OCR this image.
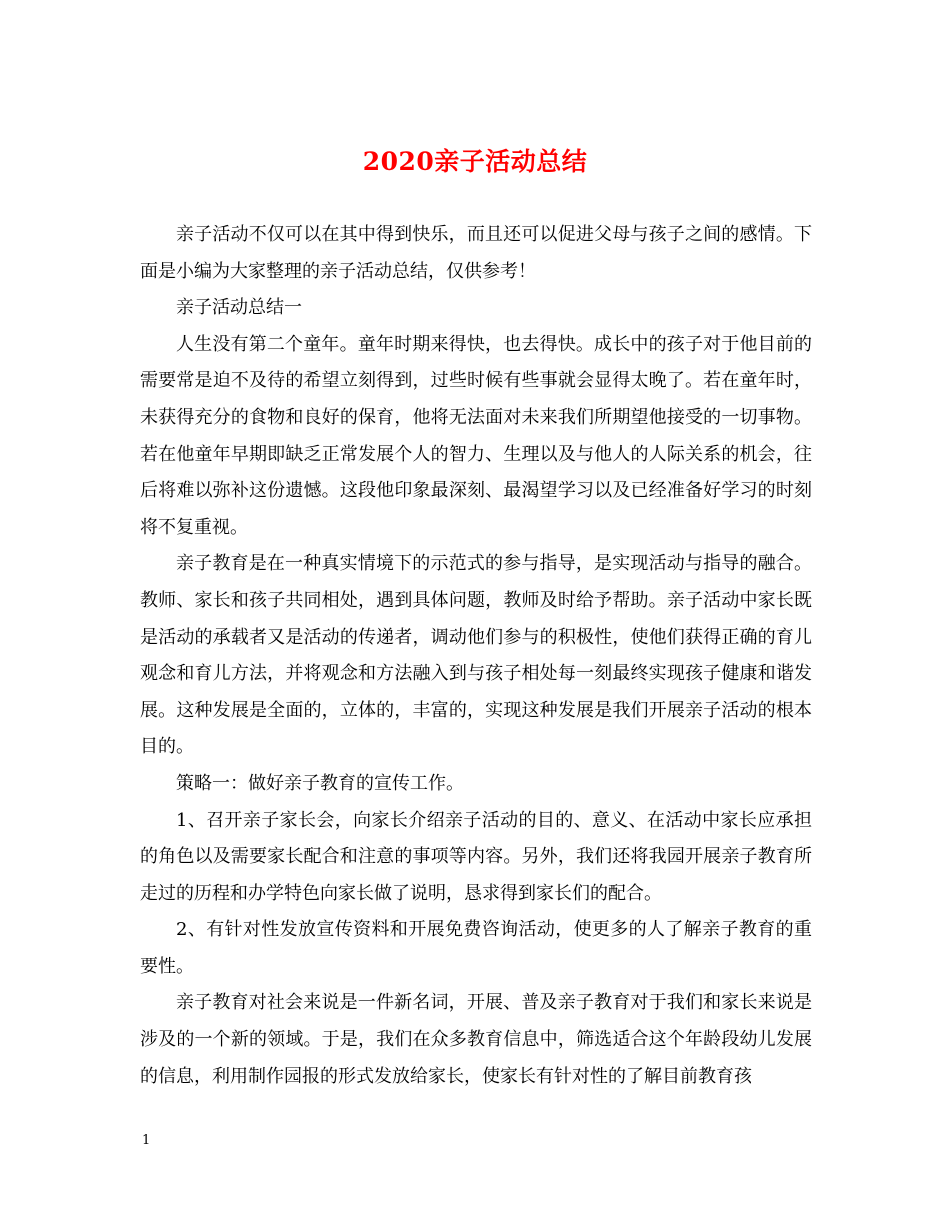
2020亲子活动总结

亲子活动不仅可以在其中得到快乐，而且还可以促进父母与孩子之间的感情。下面是小编为大家整理的亲子活动总结，仅供参考！

亲子活动总结一

人生没有第二个童年。童年时期来得快，也去得快。成长中的孩子对于他目前的需要常是迫不及待的希望立刻得到，过些时候有些事就会显得太晚了。若在童年时，未获得充分的食物和良好的保育，他将无法面对未来我们所期望他接受的一切事物。若在他童年早期即缺乏正常发展个人的智力、生理以及与他人的人际关系的机会，往后将难以弥补这份遗憾。这段他印象最深刻、最渴望学习以及已经准备好学习的时刻将不复重视。

亲子教育是在一种真实情境下的示范式的参与指导，是实现活动与指导的融合。教师、家长和孩子共同相处，遇到具体问题，教师及时给予帮助。亲子活动中家长既是活动的承载者又是活动的传递者，调动他们参与的积极性，使他们获得正确的育儿观念和育儿方法，并将观念和方法融入到与孩子相处每一刻最终实现孩子健康和谐发展。这种发展是全面的，立体的，丰富的，实现这种发展是我们开展亲子活动的根本目的。

策略一：做好亲子教育的宣传工作。

1、召开亲子家长会，向家长介绍亲子活动的目的、意义、在活动中家长应承担的角色以及需要家长配合和注意的事项等内容。另外，我们还将我园开展亲子教育所走过的历程和办学特色向家长做了说明，恳求得到家长们的配合。

2、有针对性发放宣传资料和开展免费咨询活动，使更多的人了解亲子教育的重要性。

亲子教育对社会来说是一件新名词，开展、普及亲子教育对于我们和家长来说是涉及的一个新的领域。于是，我们在众多教育信息中，筛选适合这个年龄段幼儿发展的信息，利用制作园报的形式发放给家长，使家长有针对性的了解目前教育孩

1
